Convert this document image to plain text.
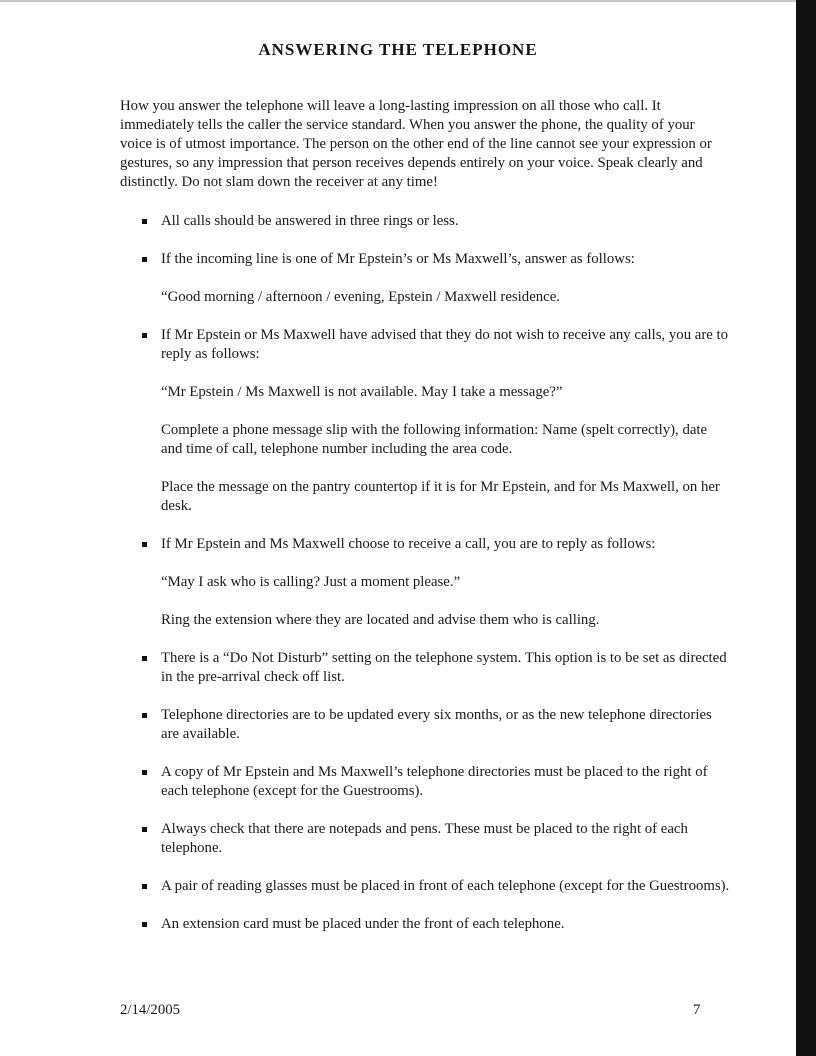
ANSWERING THE TELEPHONE

How you answer the telephone will leave a long-lasting impression on all those who call. It immediately tells the caller the service standard. When you answer the phone, the quality of your voice is of utmost importance. The person on the other end of the line cannot see your expression or gestures, so any impression that person receives depends entirely on your voice. Speak clearly and distinctly. Do not slam down the receiver at any time!

All calls should be answered in three rings or less.
If the incoming line is one of Mr Epstein’s or Ms Maxwell’s, answer as follows:
“Good morning / afternoon / evening, Epstein / Maxwell residence.
If Mr Epstein or Ms Maxwell have advised that they do not wish to receive any calls, you are to reply as follows:
“Mr Epstein / Ms Maxwell is not available. May I take a message?”
Complete a phone message slip with the following information: Name (spelt correctly), date and time of call, telephone number including the area code.
Place the message on the pantry countertop if it is for Mr Epstein, and for Ms Maxwell, on her desk.
If Mr Epstein and Ms Maxwell choose to receive a call, you are to reply as follows:
“May I ask who is calling? Just a moment please.”
Ring the extension where they are located and advise them who is calling.
There is a “Do Not Disturb” setting on the telephone system. This option is to be set as directed in the pre-arrival check off list.
Telephone directories are to be updated every six months, or as the new telephone directories are available.
A copy of Mr Epstein and Ms Maxwell’s telephone directories must be placed to the right of each telephone (except for the Guestrooms).
Always check that there are notepads and pens. These must be placed to the right of each telephone.
A pair of reading glasses must be placed in front of each telephone (except for the Guestrooms).
An extension card must be placed under the front of each telephone.
2/14/2005	7
